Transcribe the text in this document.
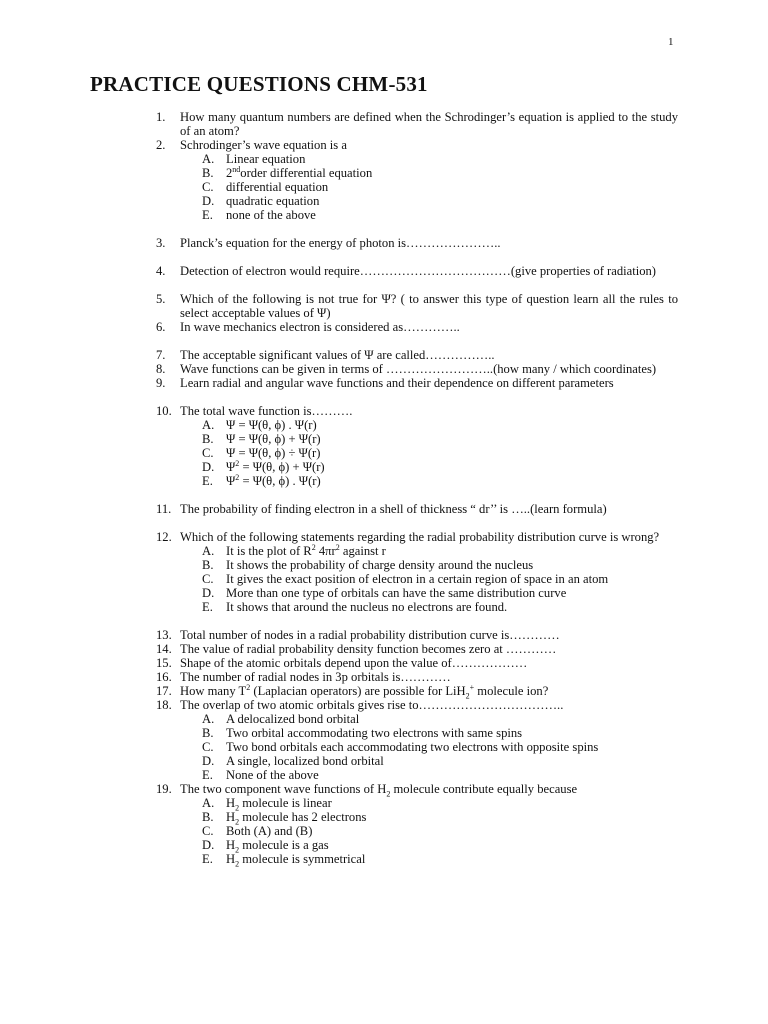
1
PRACTICE QUESTIONS CHM-531
1.	How many quantum numbers are defined when the Schrodinger’s equation is applied to the study of an atom?
2.	Schrodinger’s wave equation is a
A. Linear equation
B. 2ndorder differential equation
C. differential equation
D. quadratic equation
E.	none of the above
3.	Planck’s equation for the energy of photon is…………………..
4.	Detection of electron would require………………………………(give properties of radiation)
5.	Which of the following is not true for Ψ? ( to answer this type of question learn all the rules to select acceptable values of Ψ)
6.	In wave mechanics electron is considered as…………..
7.	The acceptable significant values of Ψ are called……………..
8.	Wave functions can be given in terms of ……………………..(how many / which coordinates)
9.	Learn radial and angular wave functions and their dependence on different parameters
10. The total wave function is……….
A. Ψ = Ψ(θ, ϕ) . Ψ(r)
B. Ψ = Ψ(θ, ϕ) + Ψ(r)
C. Ψ = Ψ(θ, ϕ) ÷ Ψ(r)
D. $\Psi^2 = \Psi(\theta$, ϕ) + Ψ(r)
E.	$\Psi^2 = \Psi(\theta$, ϕ) . Ψ(r)
11. The probability of finding electron in a shell of thickness “ dr’’ is …..(learn formula)
12. Which of the following statements regarding the radial probability distribution curve is wrong?
A. It is the plot of $R^2$ $4\pi r^2$ against r
B. It shows the probability of charge density around the nucleus
C. It gives the exact position of electron in a certain region of space in an atom
D. More than one type of orbitals can have the same distribution curve
E.	It shows that around the nucleus no electrons are found.
13. Total number of nodes in a radial probability distribution curve is…………
14. The value of radial probability density function becomes zero at …………
15. Shape of the atomic orbitals depend upon the value of………………
16. The number of radial nodes in 3p orbitals is…………
17. How many $T^2$ (Laplacian operators) are possible for LiH$_2$+ molecule ion?
18. The overlap of two atomic orbitals gives rise to……………………………..
A. A delocalized bond orbital
B. Two orbital accommodating two electrons with same spins
C. Two bond orbitals each accommodating two electrons with opposite spins
D. A single, localized bond orbital
E.	None of the above
19. The two component wave functions of $H_2$ molecule contribute equally because
A. $H_2$ molecule is linear
B. $H_2$ molecule has 2 electrons
C. Both (A) and (B)
D. $H_2$ molecule is a gas
E.	$H_2$ molecule is symmetrical
